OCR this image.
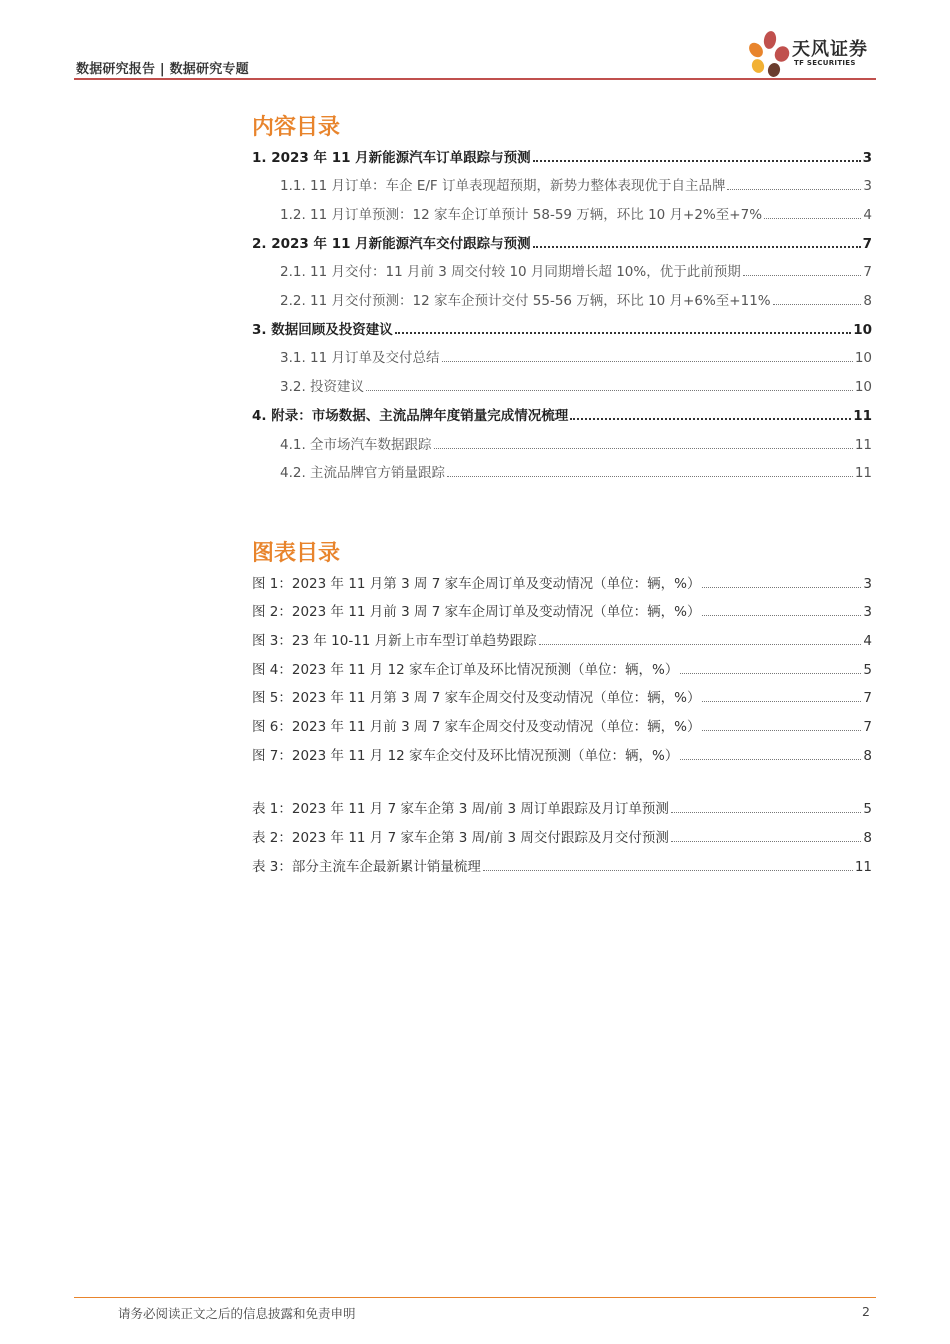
数据研究报告 | 数据研究专题
天风证券
TF SECURITIES
内容目录
1. 2023 年 11 月新能源汽车订单跟踪与预测	3
1.1. 11 月订单：车企 E/F 订单表现超预期，新势力整体表现优于自主品牌	3
1.2. 11 月订单预测：12 家车企订单预计 58-59 万辆，环比 10 月+2%至+7%	4
2. 2023 年 11 月新能源汽车交付跟踪与预测	7
2.1. 11 月交付：11 月前 3 周交付较 10 月同期增长超 10%，优于此前预期	7
2.2. 11 月交付预测：12 家车企预计交付 55-56 万辆，环比 10 月+6%至+11%	8
3. 数据回顾及投资建议	10
3.1. 11 月订单及交付总结	10
3.2. 投资建议	10
4. 附录：市场数据、主流品牌年度销量完成情况梳理	11
4.1. 全市场汽车数据跟踪	11
4.2. 主流品牌官方销量跟踪	11
图表目录
图 1：2023 年 11 月第 3 周 7 家车企周订单及变动情况（单位：辆，%）	3
图 2：2023 年 11 月前 3 周 7 家车企周订单及变动情况（单位：辆，%）	3
图 3：23 年 10-11 月新上市车型订单趋势跟踪	4
图 4：2023 年 11 月 12 家车企订单及环比情况预测（单位：辆，%）	5
图 5：2023 年 11 月第 3 周 7 家车企周交付及变动情况（单位：辆，%）	7
图 6：2023 年 11 月前 3 周 7 家车企周交付及变动情况（单位：辆，%）	7
图 7：2023 年 11 月 12 家车企交付及环比情况预测（单位：辆，%）	8
表 1：2023 年 11 月 7 家车企第 3 周/前 3 周订单跟踪及月订单预测	5
表 2：2023 年 11 月 7 家车企第 3 周/前 3 周交付跟踪及月交付预测	8
表 3：部分主流车企最新累计销量梳理	11
请务必阅读正文之后的信息披露和免责申明	2
